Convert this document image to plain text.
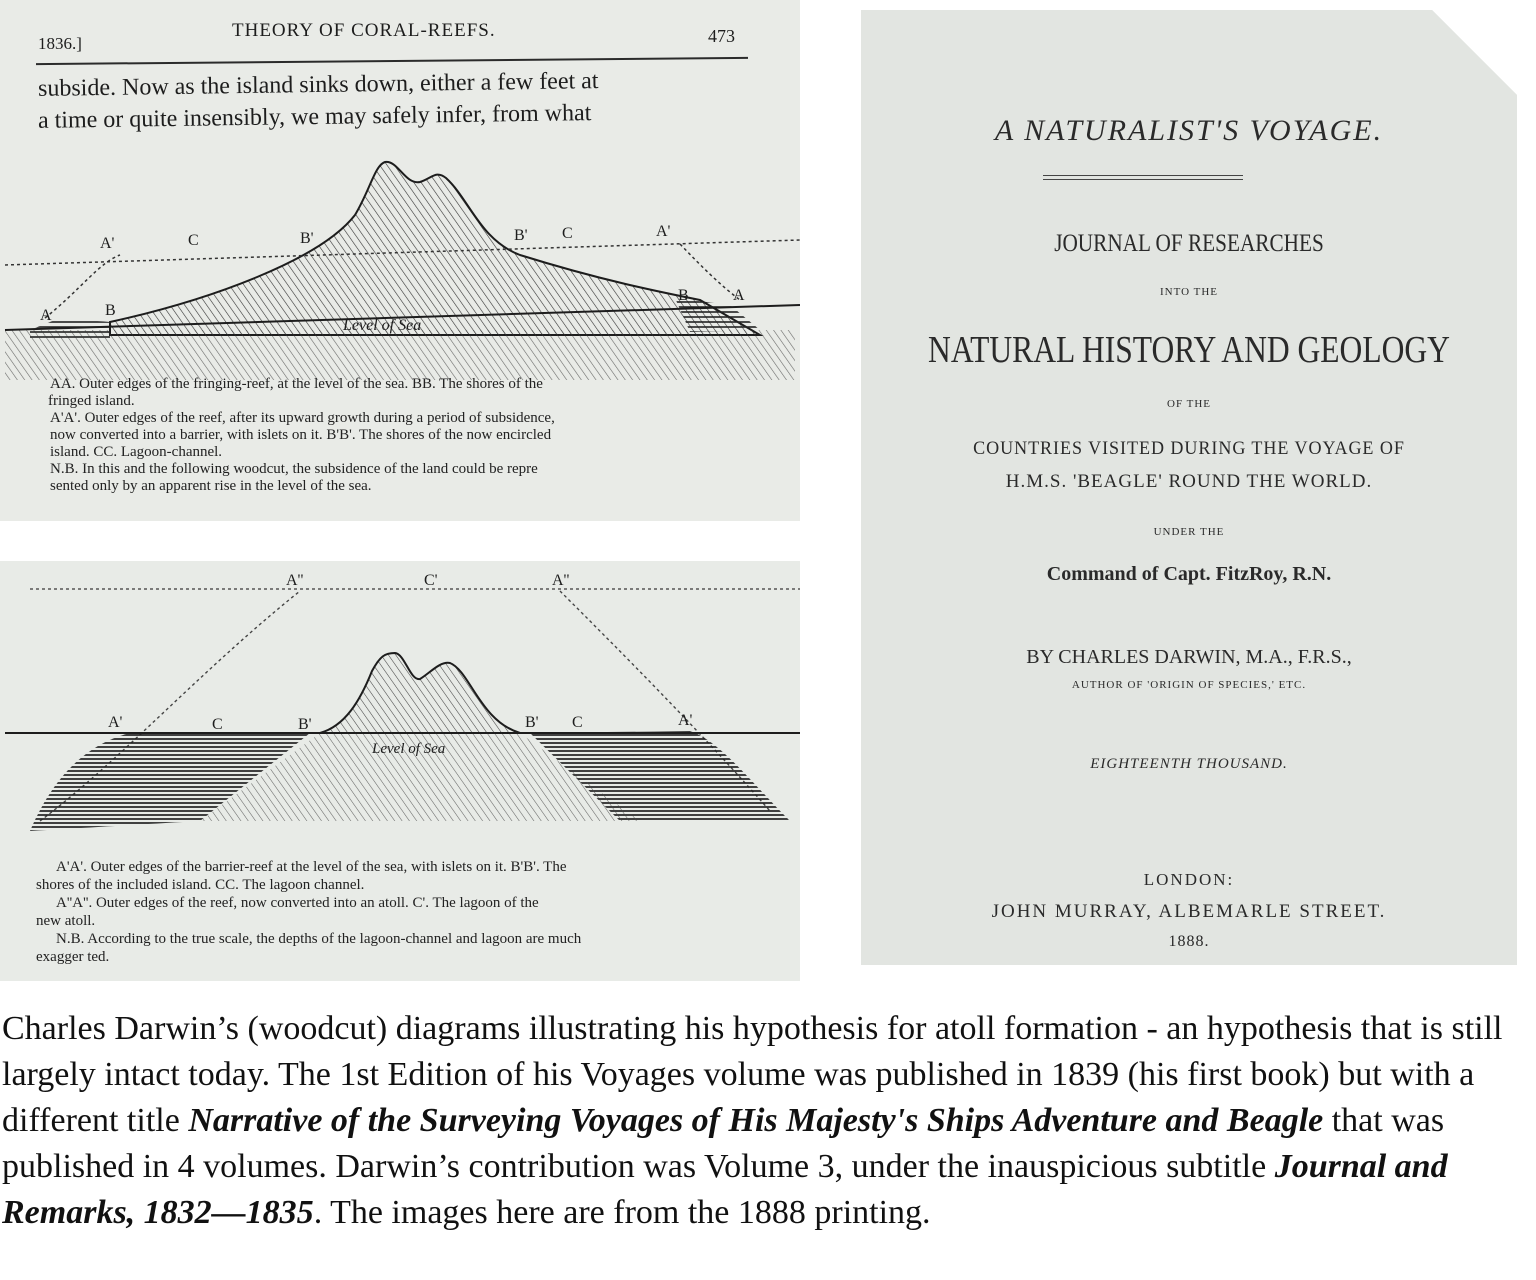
1836.]
THEORY OF CORAL-REEFS.	473
subside. Now as the island sinks down, either a few feet at
a time or quite insensibly, we may safely infer, from what
A'	C	B'	B' C	A'
A	B
B	A
Level of Sea
AA. Outer edges of the fringing-reef, at the level of the sea. BB. The shores of the
fringed island.
A'A'. Outer edges of the reef, after its upward growth during a period of subsidence,
now converted into a barrier, with islets on it. B'B'. The shores of the now encircled
island. CC. Lagoon-channel.
N.B. In this and the following woodcut, the subsidence of the land could be repre
sented only by an apparent rise in the level of the sea.
A''	C'	A''
A'	C	B'	B' C	A'
Level of Sea
A'A'. Outer edges of the barrier-reef at the level of the sea, with islets on it. B'B'. The
shores of the included island. CC. The lagoon channel.
A''A''. Outer edges of the reef, now converted into an atoll. C'. The lagoon of the
new atoll.
N.B. According to the true scale, the depths of the lagoon-channel and lagoon are much
exagger ted.
A NATURALIST'S VOYAGE.
JOURNAL OF RESEARCHES
INTO THE
NATURAL HISTORY AND GEOLOGY
OF THE
COUNTRIES VISITED DURING THE VOYAGE OF
H.M.S. 'BEAGLE' ROUND THE WORLD.
UNDER THE
Command of Capt. FitzRoy, R.N.
BY CHARLES DARWIN, M.A., F.R.S.,
AUTHOR OF 'ORIGIN OF SPECIES,' ETC.
EIGHTEENTH THOUSAND.
LONDON:
JOHN MURRAY, ALBEMARLE STREET.
1888.
Charles Darwin’s (woodcut) diagrams illustrating his hypothesis for atoll formation - an hypothesis that is still largely intact today. The 1st Edition of his Voyages volume was published in 1839 (his first book) but with a different title Narrative of the Surveying Voyages of His Majesty's Ships Adventure and Beagle that was published in 4 volumes. Darwin’s contribution was Volume 3, under the inauspicious subtitle Journal and Remarks, 1832—1835. The images here are from the 1888 printing.
